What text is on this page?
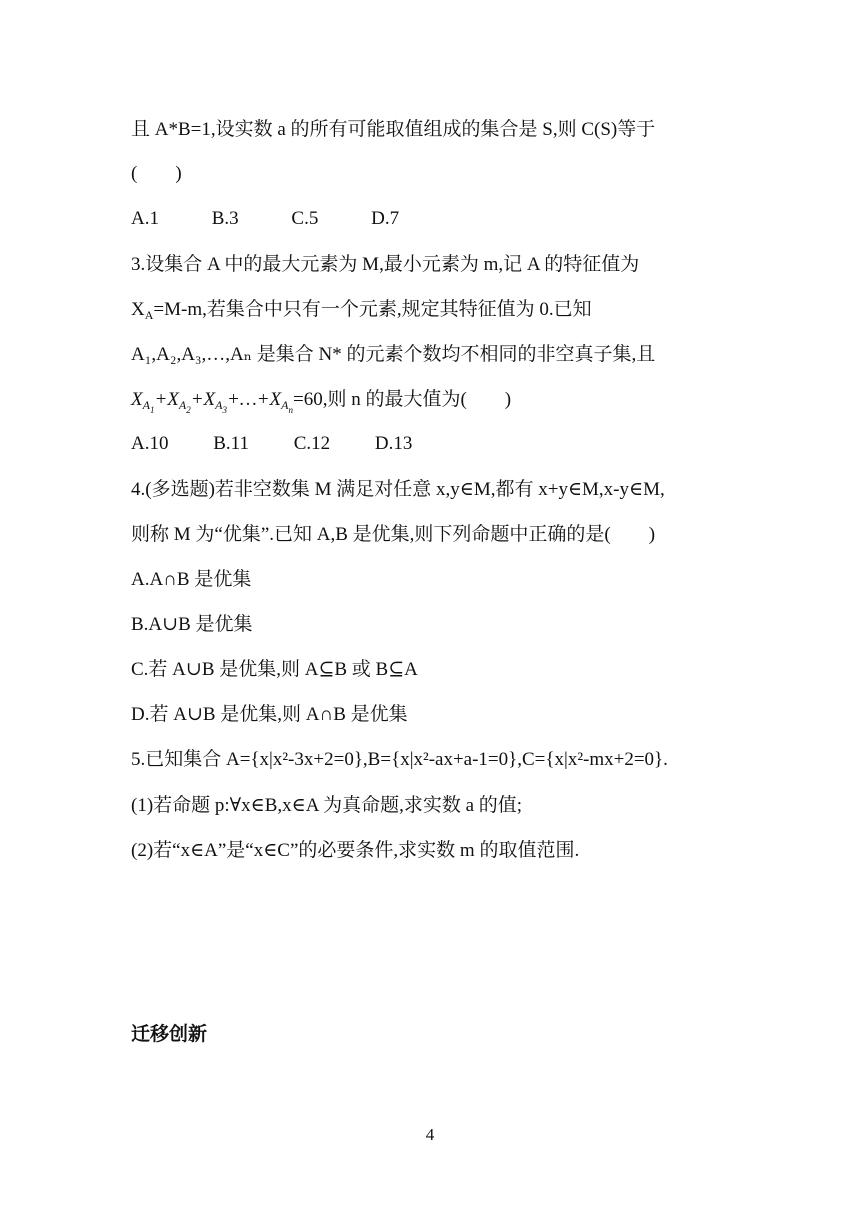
且 A*B=1,设实数 a 的所有可能取值组成的集合是 S,则 C(S)等于
(　　)
A.1	B.3	C.5	D.7
3.设集合 A 中的最大元素为 M,最小元素为 m,记 A 的特征值为
$X_A=M-m$,若集合中只有一个元素,规定其特征值为 0.已知
A₁,A₂,A₃,…,Aₙ 是集合 N* 的元素个数均不相同的非空真子集,且
$X_{A_1}+X_{A_2}+X_{A_3}+\dots+X_{A_n}=60$,则 n 的最大值为(　　)
A.10 B.11 C.12 D.13
4.(多选题)若非空数集 M 满足对任意 x,y∈M,都有 x+y∈M,x-y∈M,
则称 M 为“优集”.已知 A,B 是优集,则下列命题中正确的是(　　)
A.A∩B 是优集
B.A∪B 是优集
C.若 A∪B 是优集,则 A⊆B 或 B⊆A
D.若 A∪B 是优集,则 A∩B 是优集
5.已知集合 A={x|x²-3x+2=0},B={x|x²-ax+a-1=0},C={x|x²-mx+2=0}.
(1)若命题 p:∀x∈B,x∈A 为真命题,求实数 a 的值;
(2)若“x∈A”是“x∈C”的必要条件,求实数 m 的取值范围.
迁移创新
4
